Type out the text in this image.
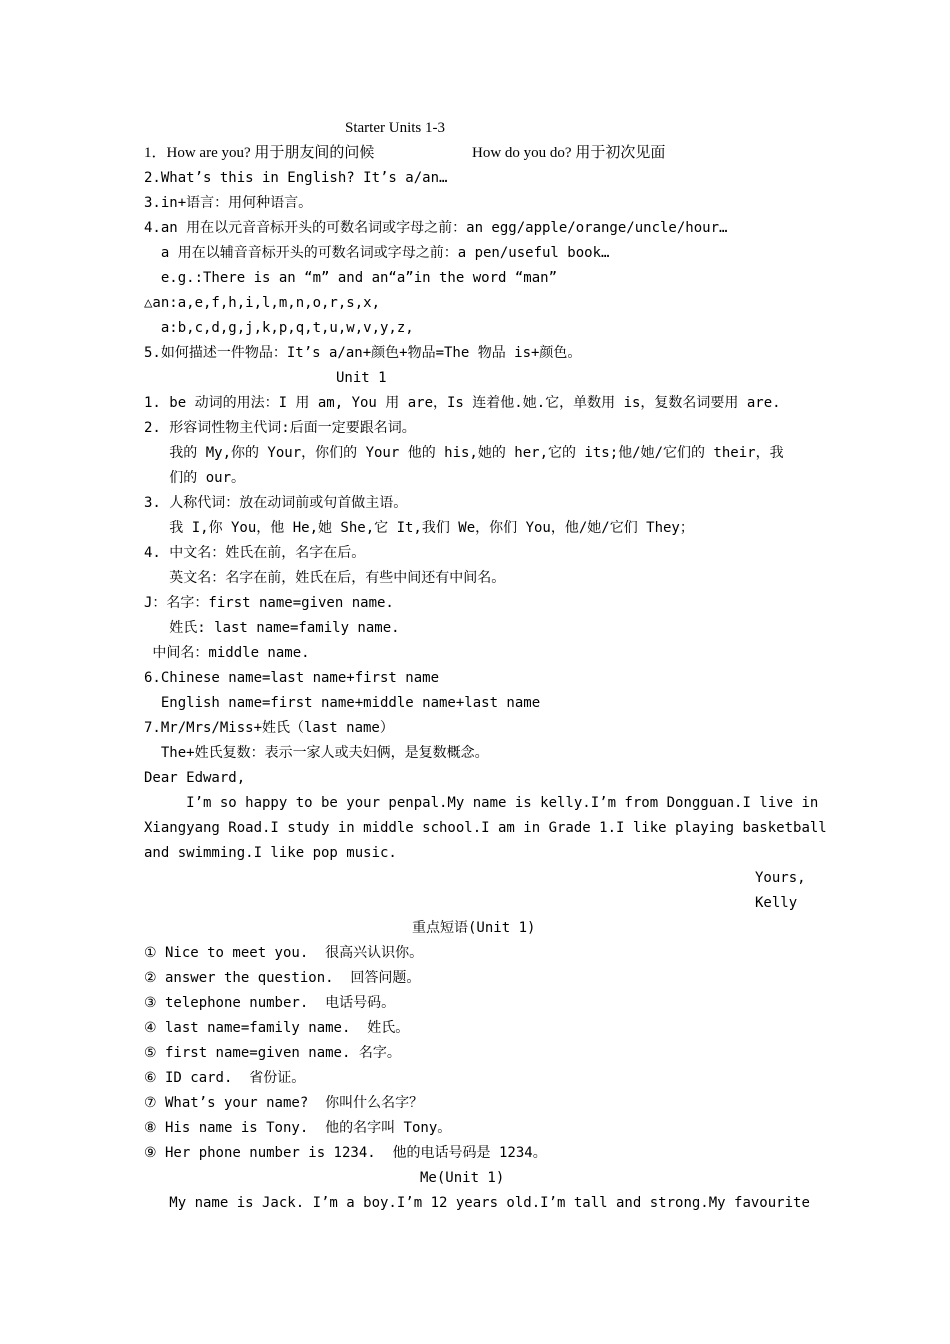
Starter Units 1-3
1．How are you? 用于朋友间的问候	How do you do? 用于初次见面
2.What’s this in English? It’s a/an…
3.in+语言：用何种语言。
4.an 用在以元音音标开头的可数名词或字母之前：an egg/apple/orange/uncle/hour…
a 用在以辅音音标开头的可数名词或字母之前：a pen/useful book…
e.g.:There is an “m” and an“a”in the word “man”
△an:a,e,f,h,i,l,m,n,o,r,s,x,
a:b,c,d,g,j,k,p,q,t,u,w,v,y,z,
5.如何描述一件物品：It’s a/an+颜色+物品=The 物品 is+颜色。
Unit 1
1. be 动词的用法：I 用 am, You 用 are，Is 连着他.她.它，单数用 is，复数名词要用 are.
2. 形容词性物主代词:后面一定要跟名词。
我的 My,你的 Your，你们的 Your 他的 his,她的 her,它的 its;他/她/它们的 their，我
们的 our。
3. 人称代词：放在动词前或句首做主语。
我 I,你 You，他 He,她 She,它 It,我们 We，你们 You，他/她/它们 They；
4. 中文名：姓氏在前，名字在后。
英文名：名字在前，姓氏在后，有些中间还有中间名。
J：名字：first name=given name.
姓氏: last name=family name.
中间名：middle name.
6.Chinese name=last name+first name
English name=first name+middle name+last name
7.Mr/Mrs/Miss+姓氏（last name）
The+姓氏复数：表示一家人或夫妇俩，是复数概念。
Dear Edward,
I’m so happy to be your penpal.My name is kelly.I’m from Dongguan.I live in
Xiangyang Road.I study in middle school.I am in Grade 1.I like playing basketball
and swimming.I like pop music.
Yours,
Kelly
重点短语(Unit 1)
① Nice to meet you.  很高兴认识你。
② answer the question.  回答问题。
③ telephone number.  电话号码。
④ last name=family name.  姓氏。
⑤ first name=given name. 名字。
⑥ ID card.  省份证。
⑦ What’s your name?  你叫什么名字？
⑧ His name is Tony.  他的名字叫 Tony。
⑨ Her phone number is 1234.  他的电话号码是 1234。
Me(Unit 1)
My name is Jack. I’m a boy.I’m 12 years old.I’m tall and strong.My favourite
